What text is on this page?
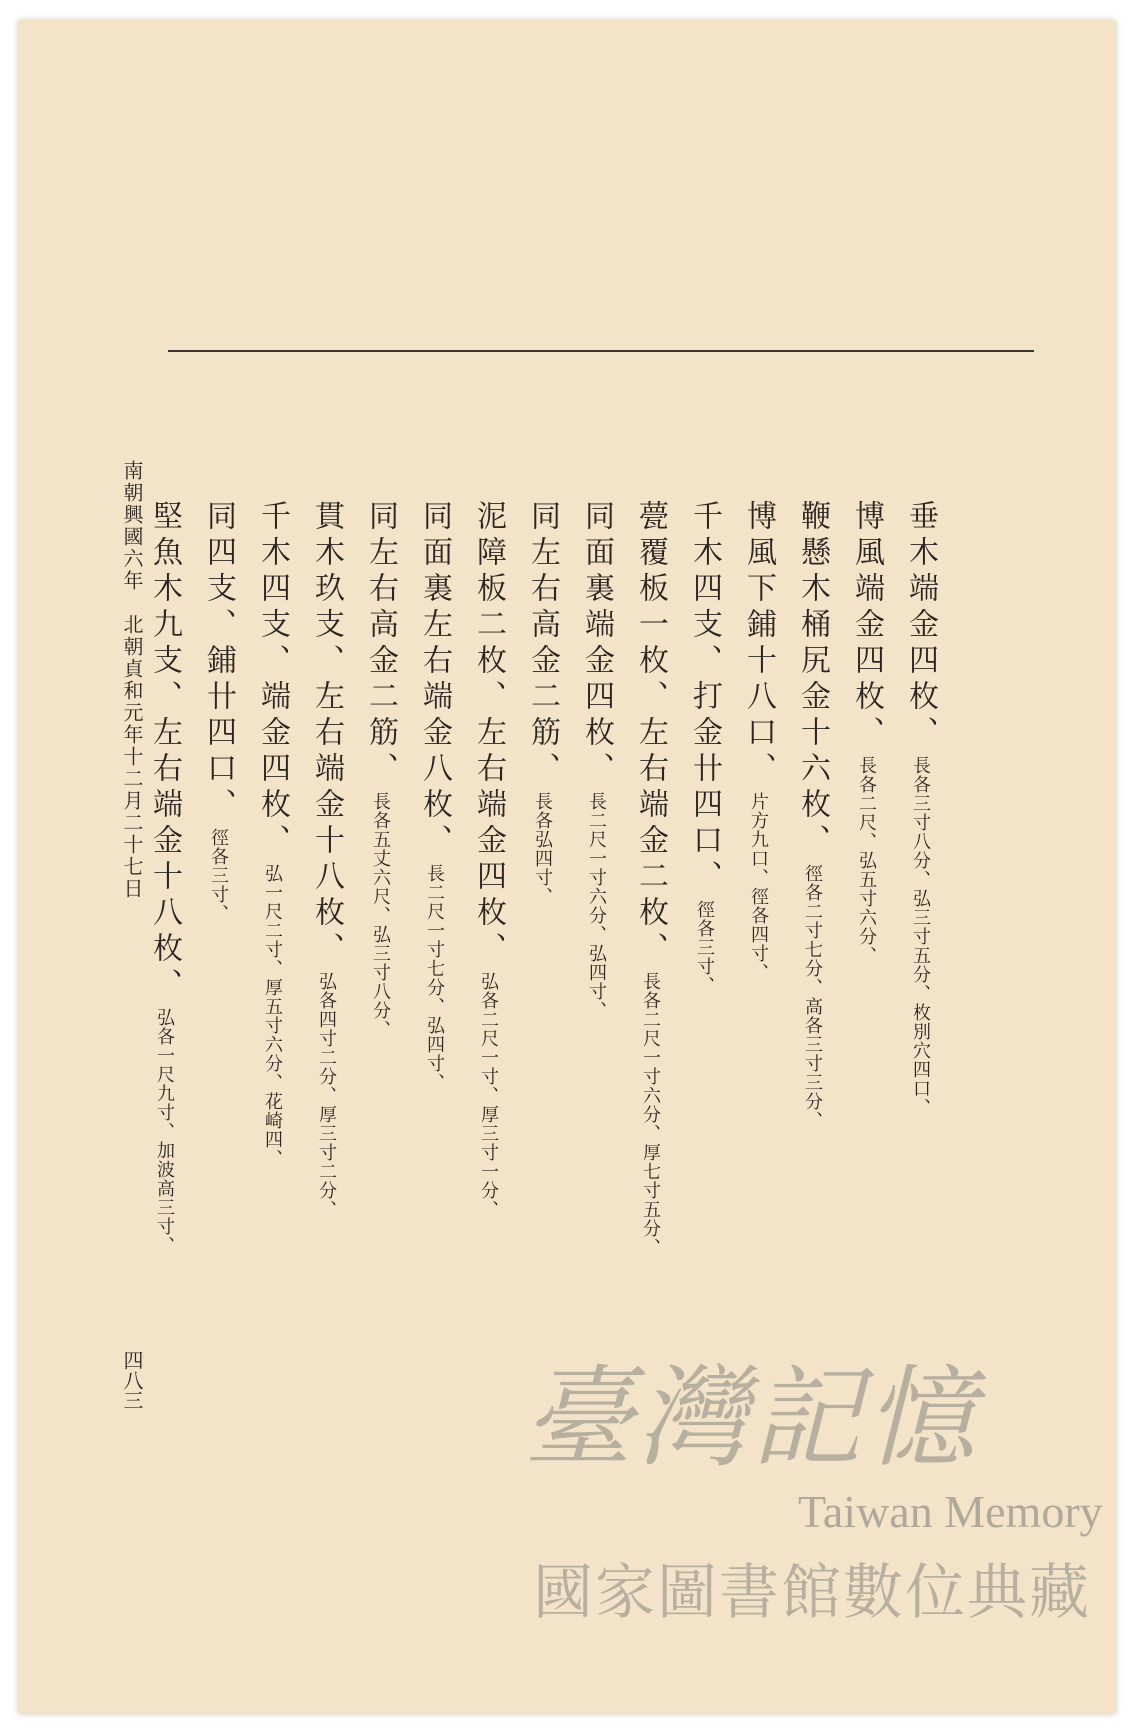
垂木端金四枚、長各三寸八分、弘三寸五分、枚別穴四口、
博風端金四枚、長各二尺、弘五寸六分、
鞭懸木桶尻金十六枚、徑各二寸七分、高各三寸三分、
博風下鋪十八口、片方九口、徑各四寸、
千木四支、打金卄四口、徑各三寸、
甍覆板一枚、左右端金二枚、長各二尺一寸六分、厚七寸五分、
同面裏端金四枚、長二尺一寸六分、弘四寸、
同左右高金二筋、長各弘四寸、
泥障板二枚、左右端金四枚、弘各二尺一寸、厚三寸一分、
同面裏左右端金八枚、長二尺一寸七分、弘四寸、
同左右高金二筋、長各五丈六尺、弘三寸八分、
貫木玖支、左右端金十八枚、弘各四寸二分、厚三寸二分、
千木四支、端金四枚、弘一尺二寸、厚五寸六分、花崎四、
同四支、鋪卄四口、徑各三寸、
堅魚木九支、左右端金十八枚、弘各一尺九寸、加波高三寸、
南朝興國六年　北朝貞和元年十二月二十七日
四八三	臺灣記憶
Taiwan Memory
國家圖書館數位典藏
